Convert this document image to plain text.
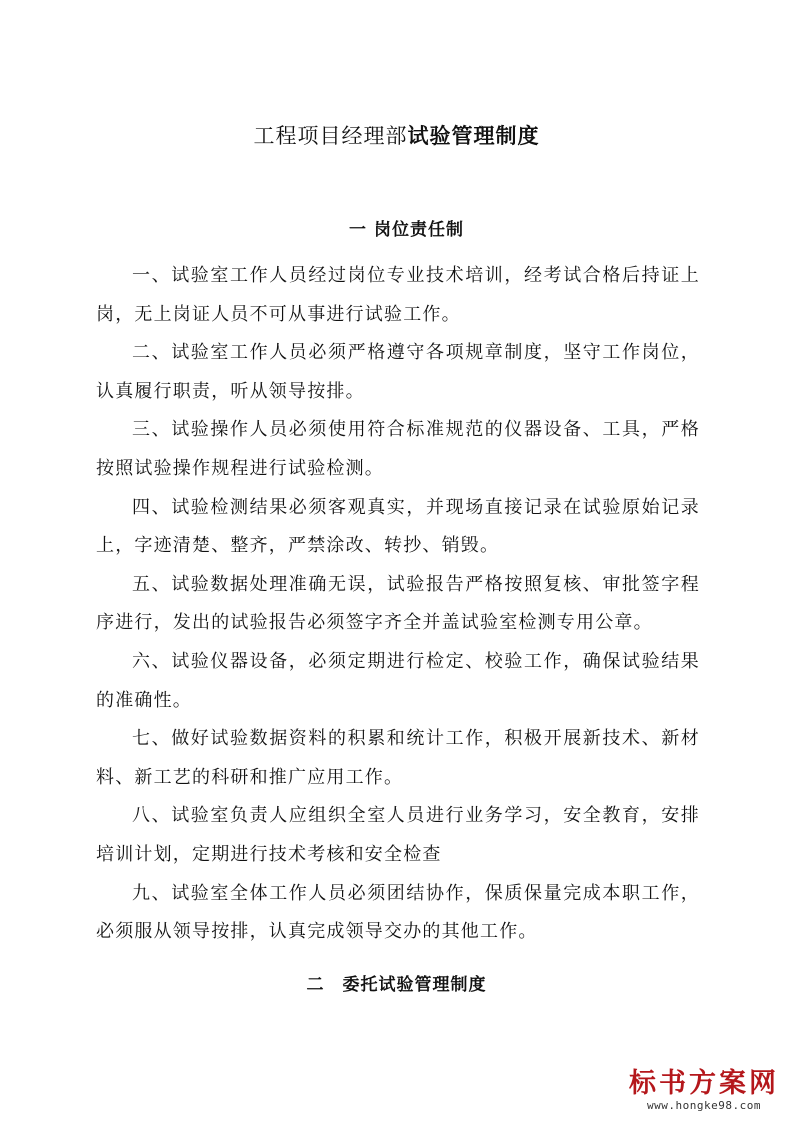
工程项目经理部试验管理制度
一 岗位责任制

一、试验室工作人员经过岗位专业技术培训，经考试合格后持证上岗，无上岗证人员不可从事进行试验工作。

二、试验室工作人员必须严格遵守各项规章制度，坚守工作岗位，认真履行职责，听从领导按排。

三、试验操作人员必须使用符合标准规范的仪器设备、工具，严格按照试验操作规程进行试验检测。

四、试验检测结果必须客观真实，并现场直接记录在试验原始记录上，字迹清楚、整齐，严禁涂改、转抄、销毁。

五、试验数据处理准确无误，试验报告严格按照复核、审批签字程序进行，发出的试验报告必须签字齐全并盖试验室检测专用公章。

六、试验仪器设备，必须定期进行检定、校验工作，确保试验结果的准确性。

七、做好试验数据资料的积累和统计工作，积极开展新技术、新材料、新工艺的科研和推广应用工作。

八、试验室负责人应组织全室人员进行业务学习，安全教育，安排培训计划，定期进行技术考核和安全检查

九、试验室全体工作人员必须团结协作，保质保量完成本职工作，必须服从领导按排，认真完成领导交办的其他工作。

二　委托试验管理制度
标书方案网
www.hongke98.com
